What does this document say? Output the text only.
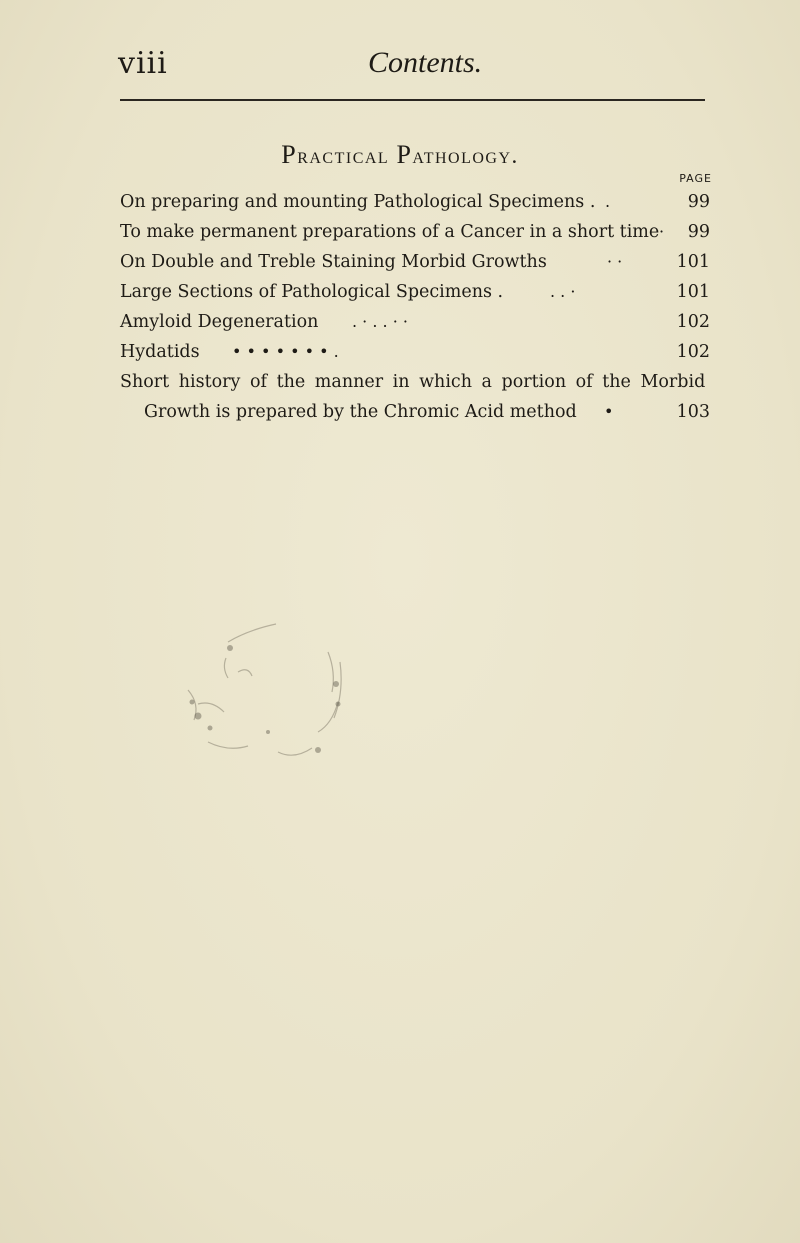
viii	Contents.
Practical Pathology.
PAGE
On preparing and mounting Pathological Specimens . .	99
To make permanent preparations of a Cancer in a short time ·	99
On Double and Treble Staining Morbid Growths	· ·	101
Large Sections of Pathological Specimens .	. . ·	101
Amyloid Degeneration . · . . · ·	102
Hydatids • • • • • • • .	102
Short history of the manner in which a portion of the Morbid
Growth is prepared by the Chromic Acid method •	103
